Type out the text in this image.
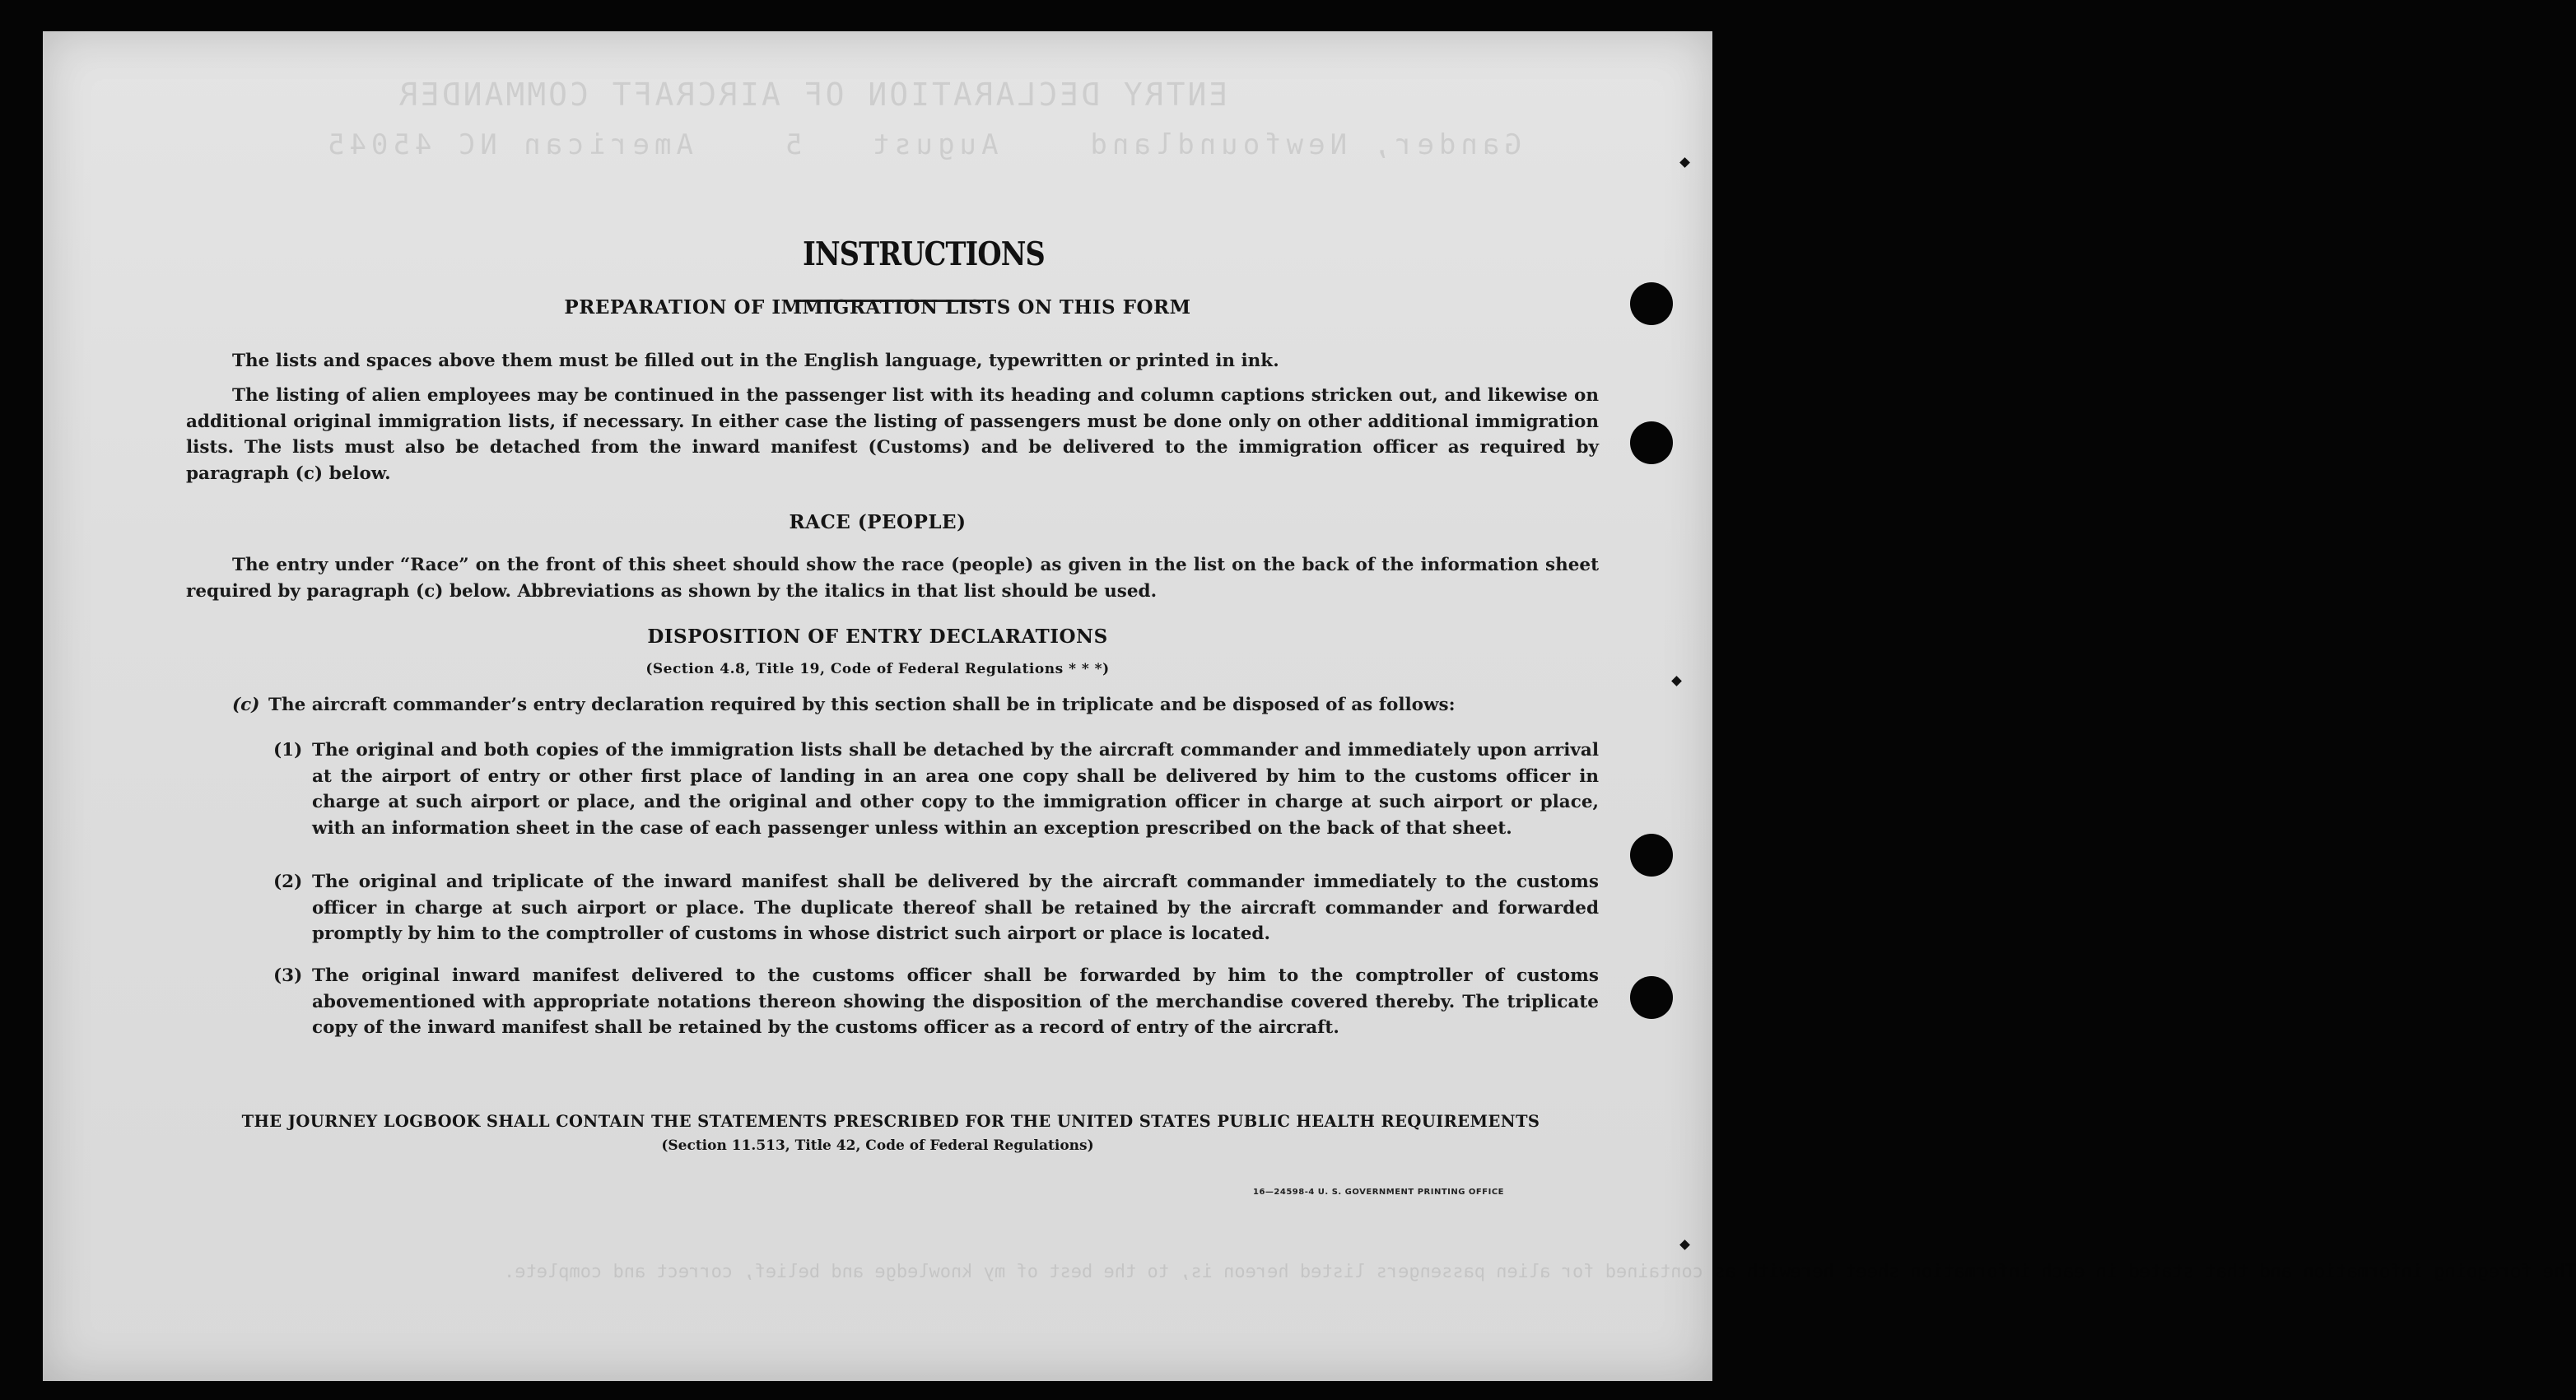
ENTRY DECLARATION OF AIRCRAFT COMMANDER
Gander, Newfoundland    August   5    American NC 45045
The foregoing information and that stated in each information sheet herewith as contained for alien passengers listed hereon is, to the best of my knowledge and belief, correct and complete.
INSTRUCTIONS
PREPARATION OF IMMIGRATION LISTS ON THIS FORM

The lists and spaces above them must be filled out in the English language, typewritten or printed in ink.

The listing of alien employees may be continued in the passenger list with its heading and column captions stricken out, and likewise on additional original immigration lists, if necessary. In either case the listing of passengers must be done only on other additional immigration lists. The lists must also be detached from the inward manifest (Customs) and be delivered to the immigration officer as required by paragraph (c) below.

RACE (PEOPLE)

The entry under “Race” on the front of this sheet should show the race (people) as given in the list on the back of the information sheet required by paragraph (c) below. Abbreviations as shown by the italics in that list should be used.

DISPOSITION OF ENTRY DECLARATIONS
(Section 4.8, Title 19, Code of Federal Regulations * * *)
(c) The aircraft commander’s entry declaration required by this section shall be in triplicate and be disposed of as follows:
(1) The original and both copies of the immigration lists shall be detached by the aircraft commander and immediately upon arrival at the airport of entry or other first place of landing in an area one copy shall be delivered by him to the customs officer in charge at such airport or place, and the original and other copy to the immigration officer in charge at such airport or place, with an information sheet in the case of each passenger unless within an exception prescribed on the back of that sheet.
(2) The original and triplicate of the inward manifest shall be delivered by the aircraft commander immediately to the customs officer in charge at such airport or place. The duplicate thereof shall be retained by the aircraft commander and forwarded promptly by him to the comptroller of customs in whose district such airport or place is located.
(3) The original inward manifest delivered to the customs officer shall be forwarded by him to the comptroller of customs abovementioned with appropriate notations thereon showing the disposition of the merchandise covered thereby. The triplicate copy of the inward manifest shall be retained by the customs officer as a record of entry of the aircraft.
THE JOURNEY LOGBOOK SHALL CONTAIN THE STATEMENTS PRESCRIBED FOR THE UNITED STATES PUBLIC HEALTH REQUIREMENTS
(Section 11.513, Title 42, Code of Federal Regulations)
16—24598-4 U. S. GOVERNMENT PRINTING OFFICE
